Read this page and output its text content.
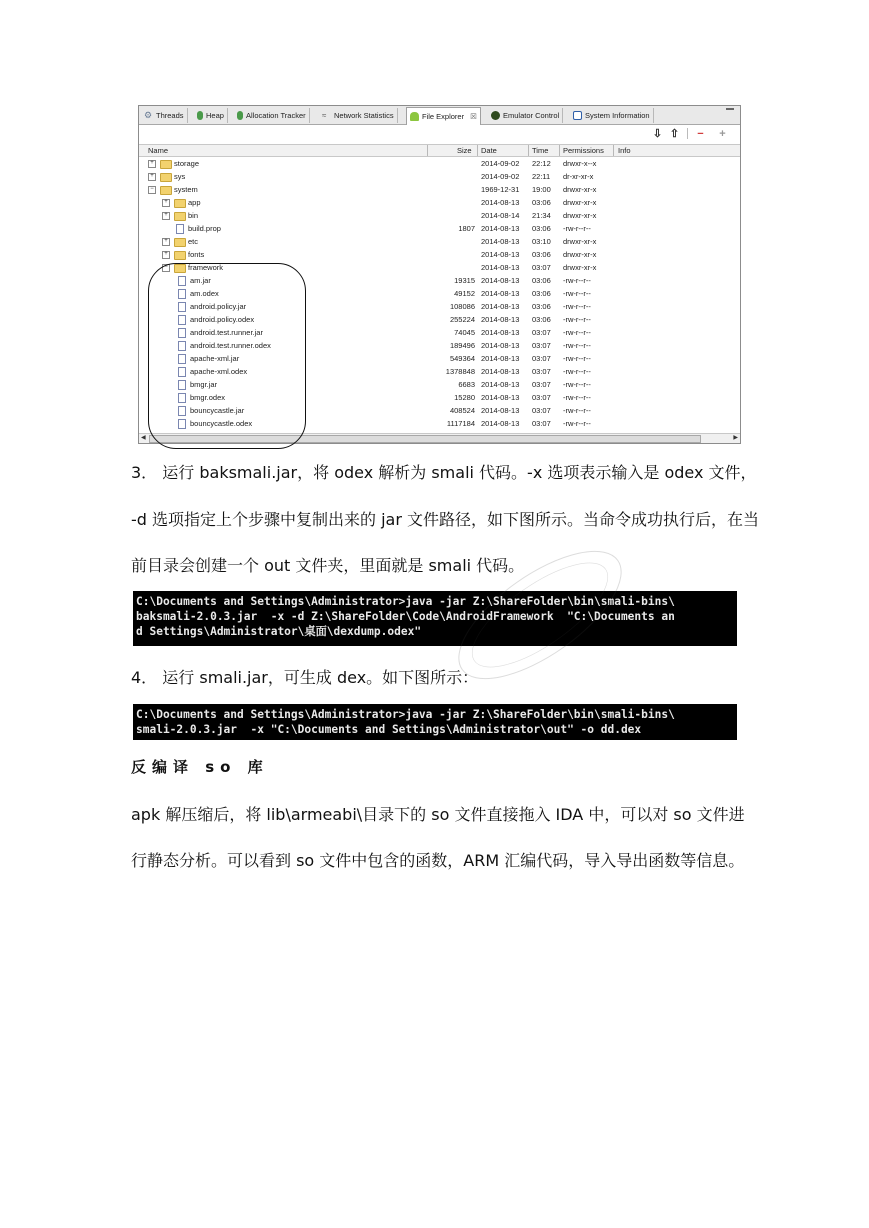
⚙ Threads	Heap	Allocation Tracker ≈	Network Statistics	File Explorer ☒	Emulator Control	System Information
⇩ ⇧ − +
Name	Size Date	Time Permissions Info
+	storage	2014-09-02 22:12 drwxr-x--x
+	sys	2014-09-02 22:11 dr-xr-xr-x
−	system	1969-12-31 19:00 drwxr-xr-x
+	app	2014-08-13 03:06 drwxr-xr-x
+	bin	2014-08-14 21:34 drwxr-xr-x
build.prop	1807 2014-08-13 03:06 -rw-r--r--
+	etc	2014-08-13 03:10 drwxr-xr-x
+	fonts	2014-08-13 03:06 drwxr-xr-x
−	framework	2014-08-13 03:07 drwxr-xr-x
am.jar	19315 2014-08-13 03:06 -rw-r--r--
am.odex	49152 2014-08-13 03:06 -rw-r--r--
android.policy.jar	108086 2014-08-13 03:06 -rw-r--r--
android.policy.odex	255224 2014-08-13 03:06 -rw-r--r--
android.test.runner.jar	74045 2014-08-13 03:07 -rw-r--r--
android.test.runner.odex	189496 2014-08-13 03:07 -rw-r--r--
apache-xml.jar	549364 2014-08-13 03:07 -rw-r--r--
apache-xml.odex	1378848 2014-08-13 03:07 -rw-r--r--
bmgr.jar	6683 2014-08-13 03:07 -rw-r--r--
bmgr.odex	15280 2014-08-13 03:07 -rw-r--r--
bouncycastle.jar	408524 2014-08-13 03:07 -rw-r--r--
bouncycastle.odex	1117184 2014-08-13 03:07 -rw-r--r--
◀	▶
3． 运行 baksmali.jar，将 odex 解析为 smali 代码。-x 选项表示输入是 odex 文件，
-d 选项指定上个步骤中复制出来的 jar 文件路径，如下图所示。当命令成功执行后，在当
前目录会创建一个 out 文件夹，里面就是 smali 代码。
C:\Documents and Settings\Administrator>java -jar Z:\ShareFolder\bin\smali-bins\
baksmali-2.0.3.jar  -x -d Z:\ShareFolder\Code\AndroidFramework  "C:\Documents an
d Settings\Administrator\桌面\dexdump.odex"
4． 运行 smali.jar，可生成 dex。如下图所示：
C:\Documents and Settings\Administrator>java -jar Z:\ShareFolder\bin\smali-bins\
smali-2.0.3.jar  -x "C:\Documents and Settings\Administrator\out" -o dd.dex
反编译 so 库
apk 解压缩后，将 lib\armeabi\目录下的 so 文件直接拖入 IDA 中，可以对 so 文件进
行静态分析。可以看到 so 文件中包含的函数，ARM 汇编代码，导入导出函数等信息。
